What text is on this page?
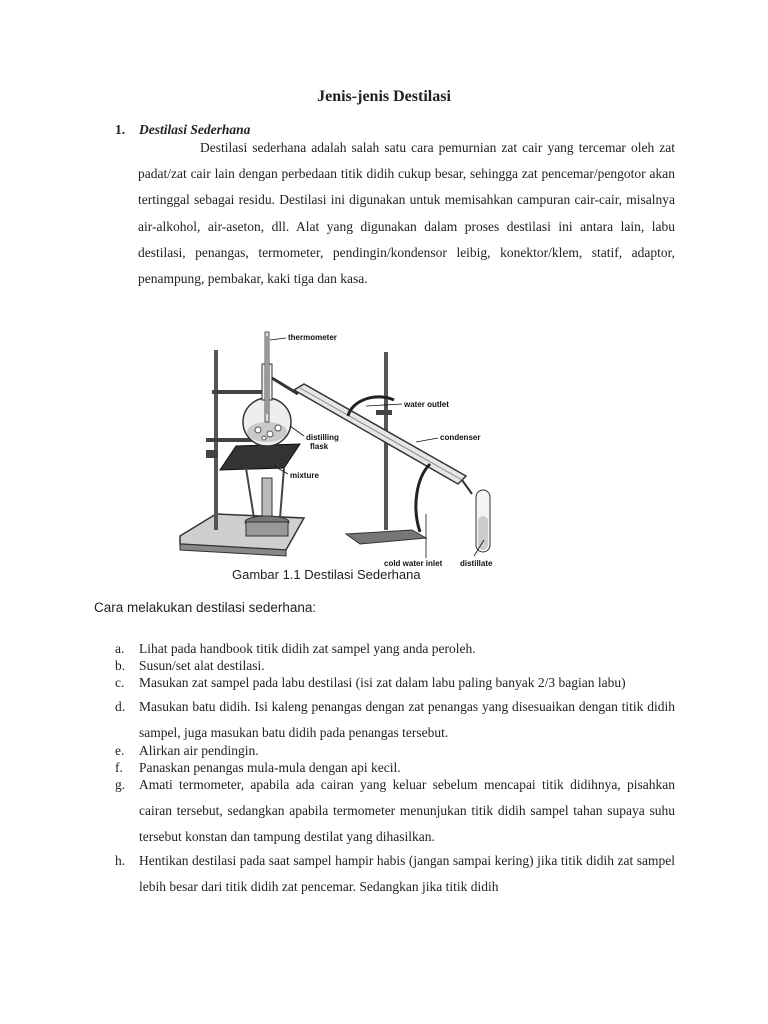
Jenis-jenis Destilasi
1. Destilasi Sederhana
Destilasi sederhana adalah salah satu cara pemurnian zat cair yang tercemar oleh zat padat/zat cair lain dengan perbedaan titik didih cukup besar, sehingga zat pencemar/pengotor akan tertinggal sebagai residu. Destilasi ini digunakan untuk memisahkan campuran cair-cair, misalnya air-alkohol, air-aseton, dll. Alat yang digunakan dalam proses destilasi ini antara lain, labu destilasi, penangas, termometer, pendingin/kondensor leibig, konektor/klem, statif, adaptor, penampung, pembakar, kaki tiga dan kasa.
thermometer
water outlet
condenser
distilling
flask
mixture
cold water inlet distillate
Gambar 1.1 Destilasi Sederhana
Cara melakukan destilasi sederhana:
a. Lihat pada handbook titik didih zat sampel yang anda peroleh.
b. Susun/set alat destilasi.
c. Masukan zat sampel pada labu destilasi (isi zat dalam labu paling banyak 2/3 bagian labu)
d. Masukan batu didih. Isi kaleng penangas dengan zat penangas yang disesuaikan dengan titik didih sampel, juga masukan batu didih pada penangas tersebut.
e. Alirkan air pendingin.
f. Panaskan penangas mula-mula dengan api kecil.
g. Amati termometer, apabila ada cairan yang keluar sebelum mencapai titik didihnya, pisahkan cairan tersebut, sedangkan apabila termometer menunjukan titik didih sampel tahan supaya suhu tersebut konstan dan tampung destilat yang dihasilkan.
h. Hentikan destilasi pada saat sampel hampir habis (jangan sampai kering) jika titik didih zat sampel lebih besar dari titik didih zat pencemar. Sedangkan jika titik didih
